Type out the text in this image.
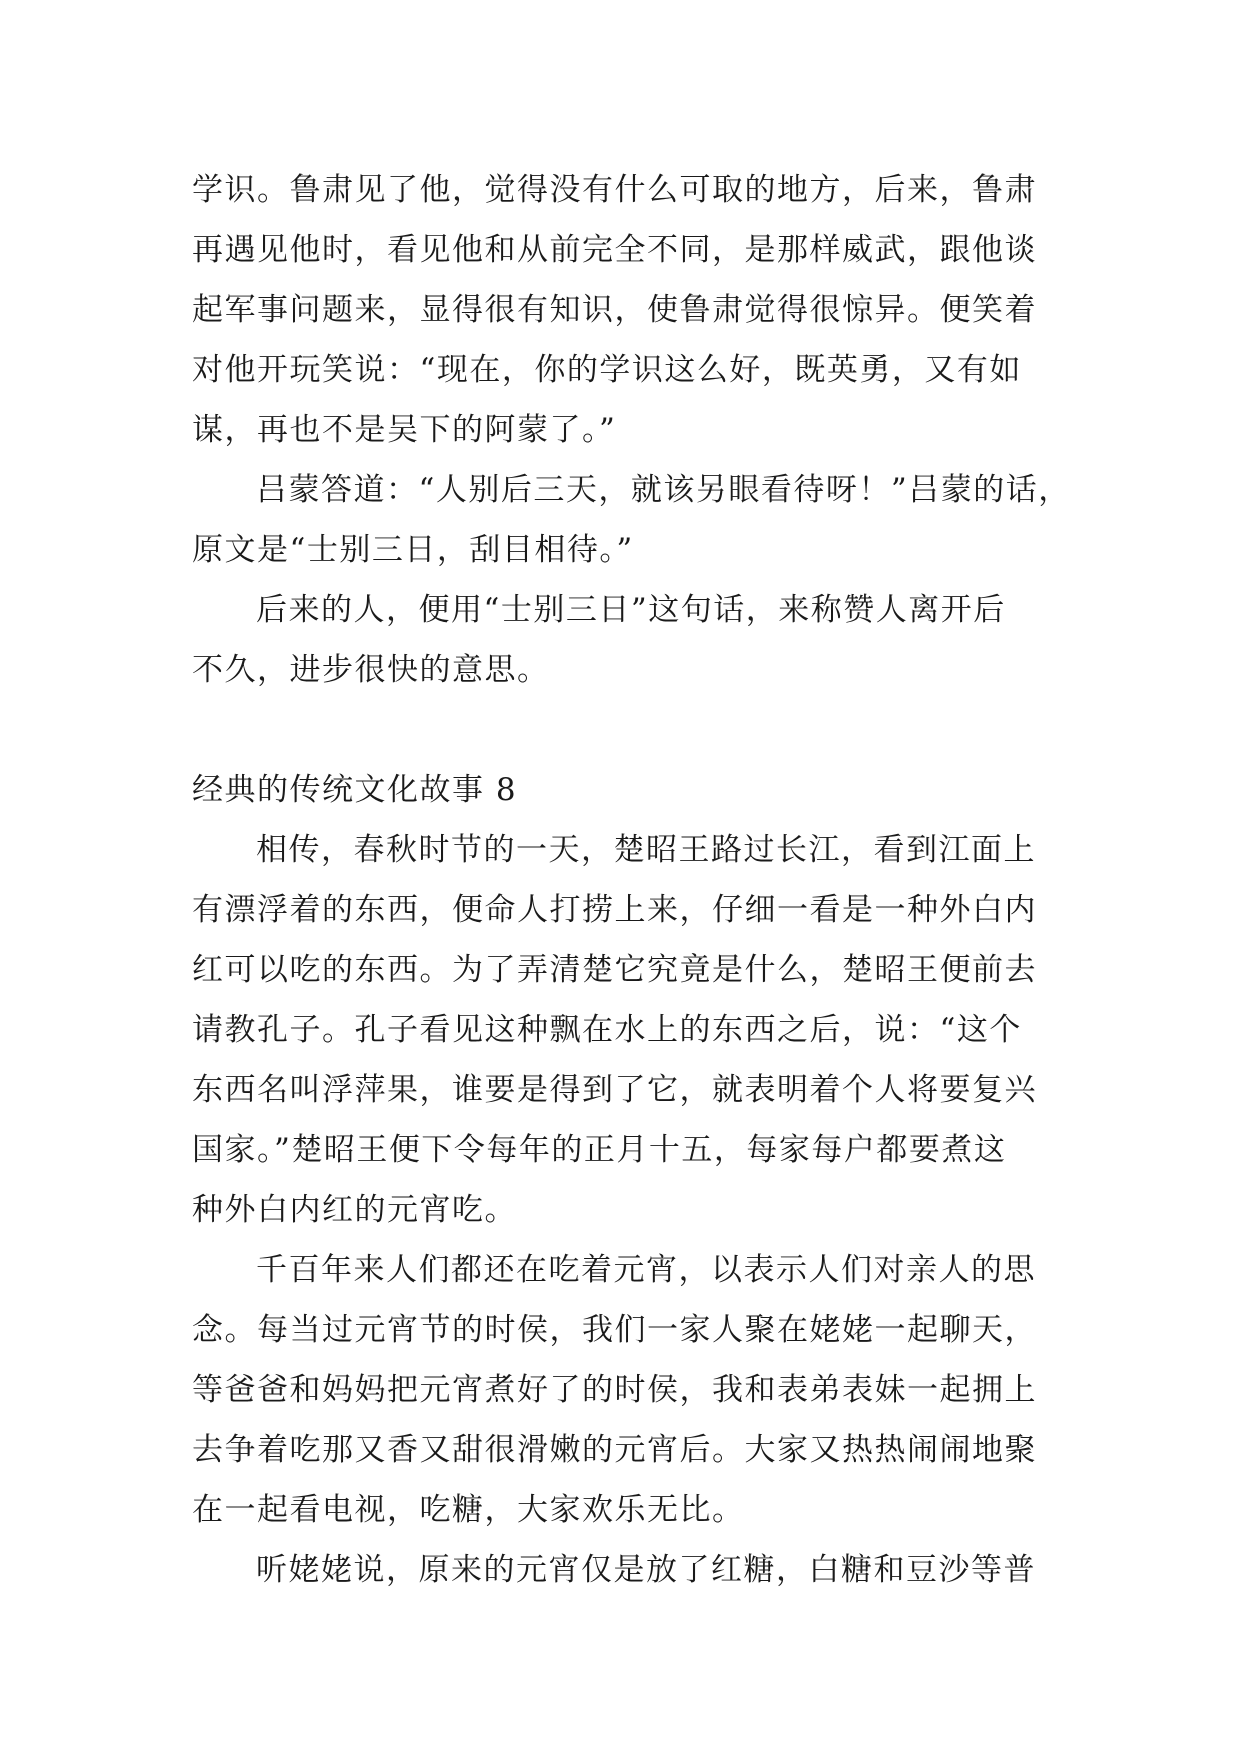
学识。鲁肃见了他，觉得没有什么可取的地方，后来，鲁肃
再遇见他时，看见他和从前完全不同，是那样威武，跟他谈
起军事问题来，显得很有知识，使鲁肃觉得很惊异。便笑着
对他开玩笑说：“现在，你的学识这么好，既英勇，又有如
谋，再也不是吴下的阿蒙了。”
吕蒙答道：“人别后三天，就该另眼看待呀！”吕蒙的话，
原文是“士别三日，刮目相待。”
后来的人，便用“士别三日”这句话，来称赞人离开后
不久，进步很快的意思。
经典的传统文化故事 8
相传，春秋时节的一天，楚昭王路过长江，看到江面上
有漂浮着的东西，便命人打捞上来，仔细一看是一种外白内
红可以吃的东西。为了弄清楚它究竟是什么，楚昭王便前去
请教孔子。孔子看见这种飘在水上的东西之后，说：“这个
东西名叫浮萍果，谁要是得到了它，就表明着个人将要复兴
国家。”楚昭王便下令每年的正月十五，每家每户都要煮这
种外白内红的元宵吃。
千百年来人们都还在吃着元宵，以表示人们对亲人的思
念。每当过元宵节的时侯，我们一家人聚在姥姥一起聊天，
等爸爸和妈妈把元宵煮好了的时侯，我和表弟表妹一起拥上
去争着吃那又香又甜很滑嫩的元宵后。大家又热热闹闹地聚
在一起看电视，吃糖，大家欢乐无比。
听姥姥说，原来的元宵仅是放了红糖，白糖和豆沙等普
